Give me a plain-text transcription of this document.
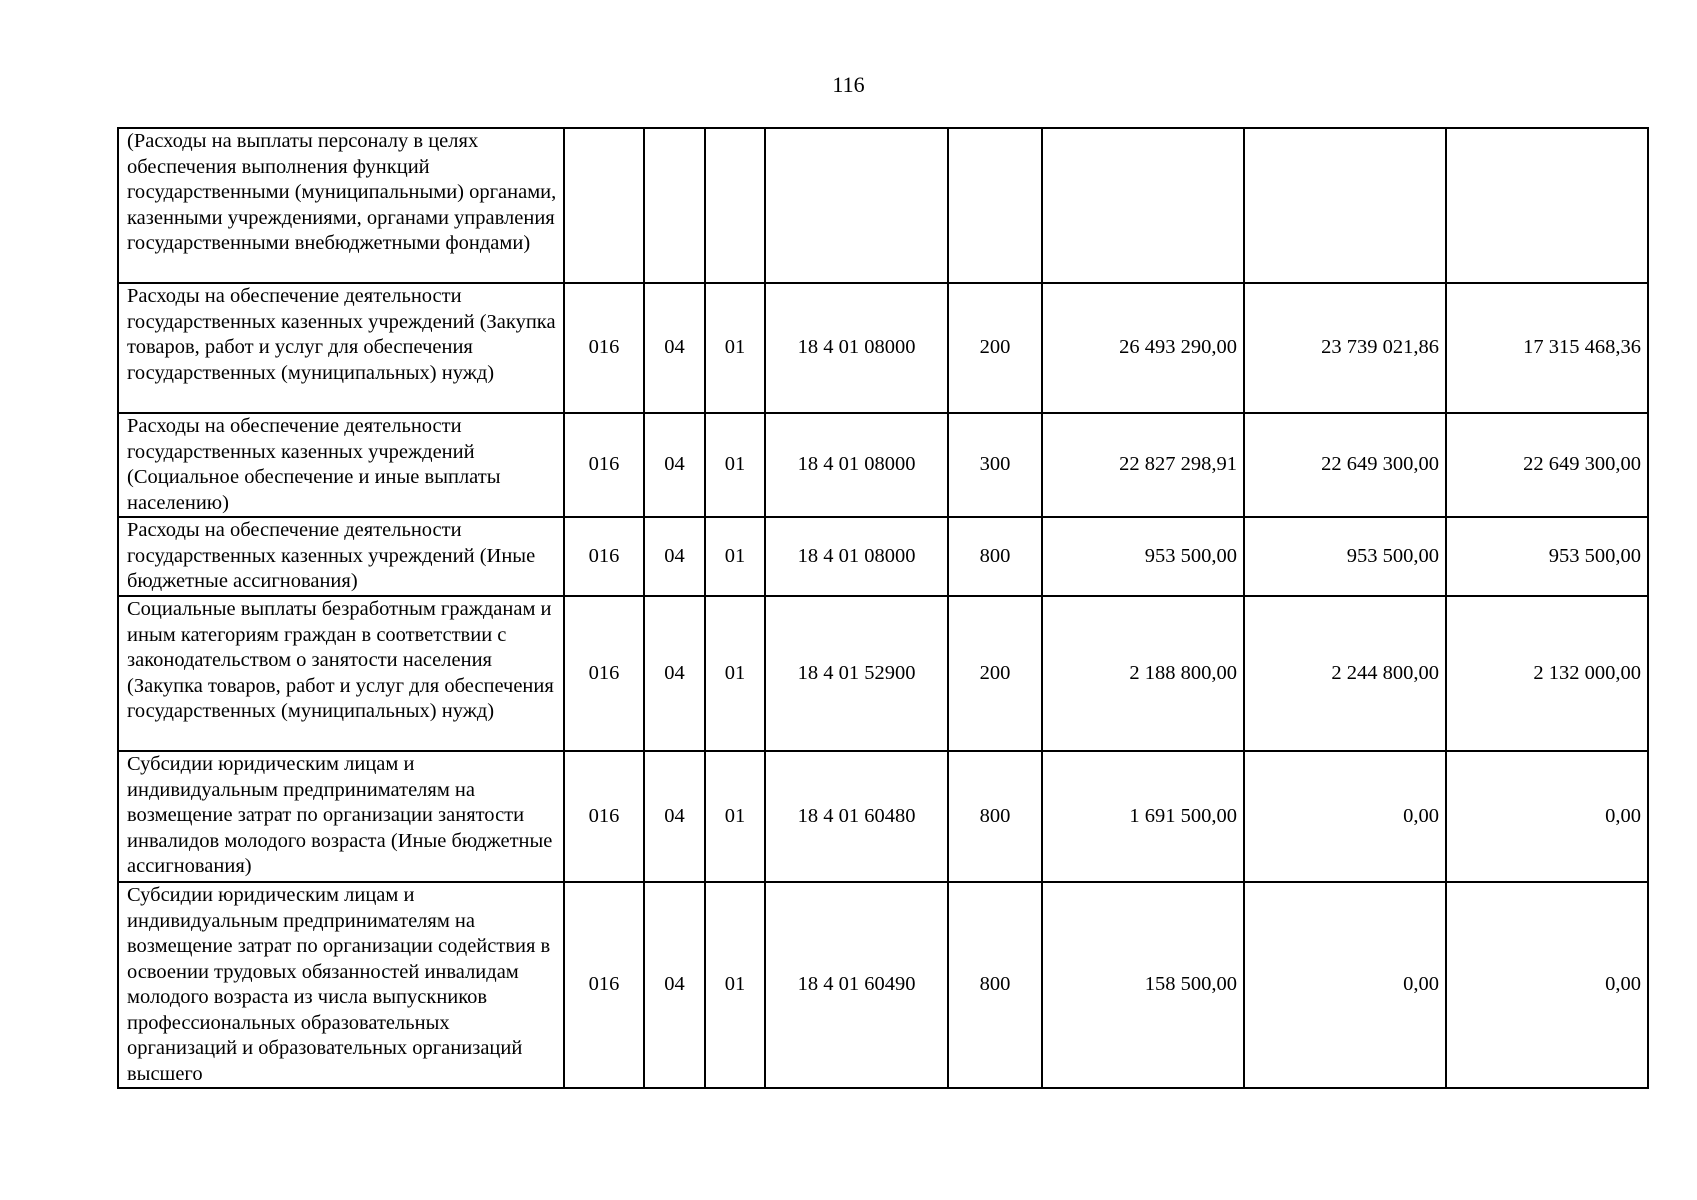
116
(Расходы на выплаты персоналу в целях обеспечения выполнения функций государственными (муниципальными) органами, казенными учреждениями, органами управления государственными внебюджетными фондами)								
Расходы на обеспечение деятельности государственных казенных учреждений (Закупка товаров, работ и услуг для обеспечения государственных (муниципальных) нужд)	016	04	01	18 4 01 08000	200	26 493 290,00	23 739 021,86	17 315 468,36
Расходы на обеспечение деятельности государственных казенных учреждений (Социальное обеспечение и иные выплаты населению)	016	04	01	18 4 01 08000	300	22 827 298,91	22 649 300,00	22 649 300,00
Расходы на обеспечение деятельности государственных казенных учреждений (Иные бюджетные ассигнования)	016	04	01	18 4 01 08000	800	953 500,00	953 500,00	953 500,00
Социальные выплаты безработным гражданам и иным категориям граждан в соответствии с законодательством о занятости населения (Закупка товаров, работ и услуг для обеспечения государственных (муниципальных) нужд)	016	04	01	18 4 01 52900	200	2 188 800,00	2 244 800,00	2 132 000,00
Субсидии юридическим лицам и индивидуальным предпринимателям на возмещение затрат по организации занятости инвалидов молодого возраста (Иные бюджетные ассигнования)	016	04	01	18 4 01 60480	800	1 691 500,00	0,00	0,00
Субсидии юридическим лицам и индивидуальным предпринимателям на возмещение затрат по организации содействия в освоении трудовых обязанностей инвалидам молодого возраста из числа выпускников профессиональных образовательных организаций и образовательных организаций высшего	016	04	01	18 4 01 60490	800	158 500,00	0,00	0,00
